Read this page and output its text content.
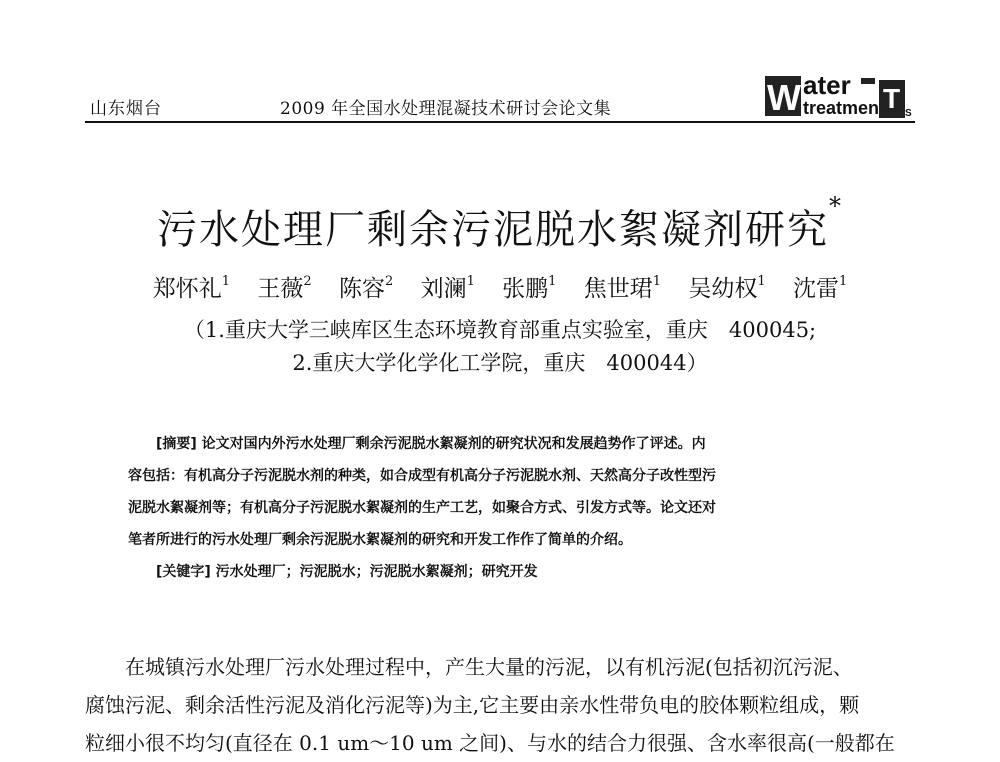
山东烟台	2009 年全国水处理混凝技术研讨会论文集	W ater
treatmen T S
污水处理厂剩余污泥脱水絮凝剂研究*
郑怀礼$^1$ 王薇$^2$ 陈容$^2$ 刘澜$^1$ 张鹏$^1$ 焦世珺$^1$ 吴幼权$^1$ 沈雷$^1$
（1.重庆大学三峡库区生态环境教育部重点实验室，重庆　400045;
2.重庆大学化学化工学院，重庆　400044）

[摘要] 论文对国内外污水处理厂剩余污泥脱水絮凝剂的研究状况和发展趋势作了评述。内

容包括：有机高分子污泥脱水剂的种类，如合成型有机高分子污泥脱水剂、天然高分子改性型污

泥脱水絮凝剂等；有机高分子污泥脱水絮凝剂的生产工艺，如聚合方式、引发方式等。论文还对

笔者所进行的污水处理厂剩余污泥脱水絮凝剂的研究和开发工作作了简单的介绍。

[关键字] 污水处理厂；污泥脱水；污泥脱水絮凝剂；研究开发

在城镇污水处理厂污水处理过程中，产生大量的污泥，以有机污泥(包括初沉污泥、

腐蚀污泥、剩余活性污泥及消化污泥等)为主,它主要由亲水性带负电的胶体颗粒组成，颗

粒细小很不均匀(直径在 0.1 um～10 um 之间)、与水的结合力很强、含水率很高(一般都在
